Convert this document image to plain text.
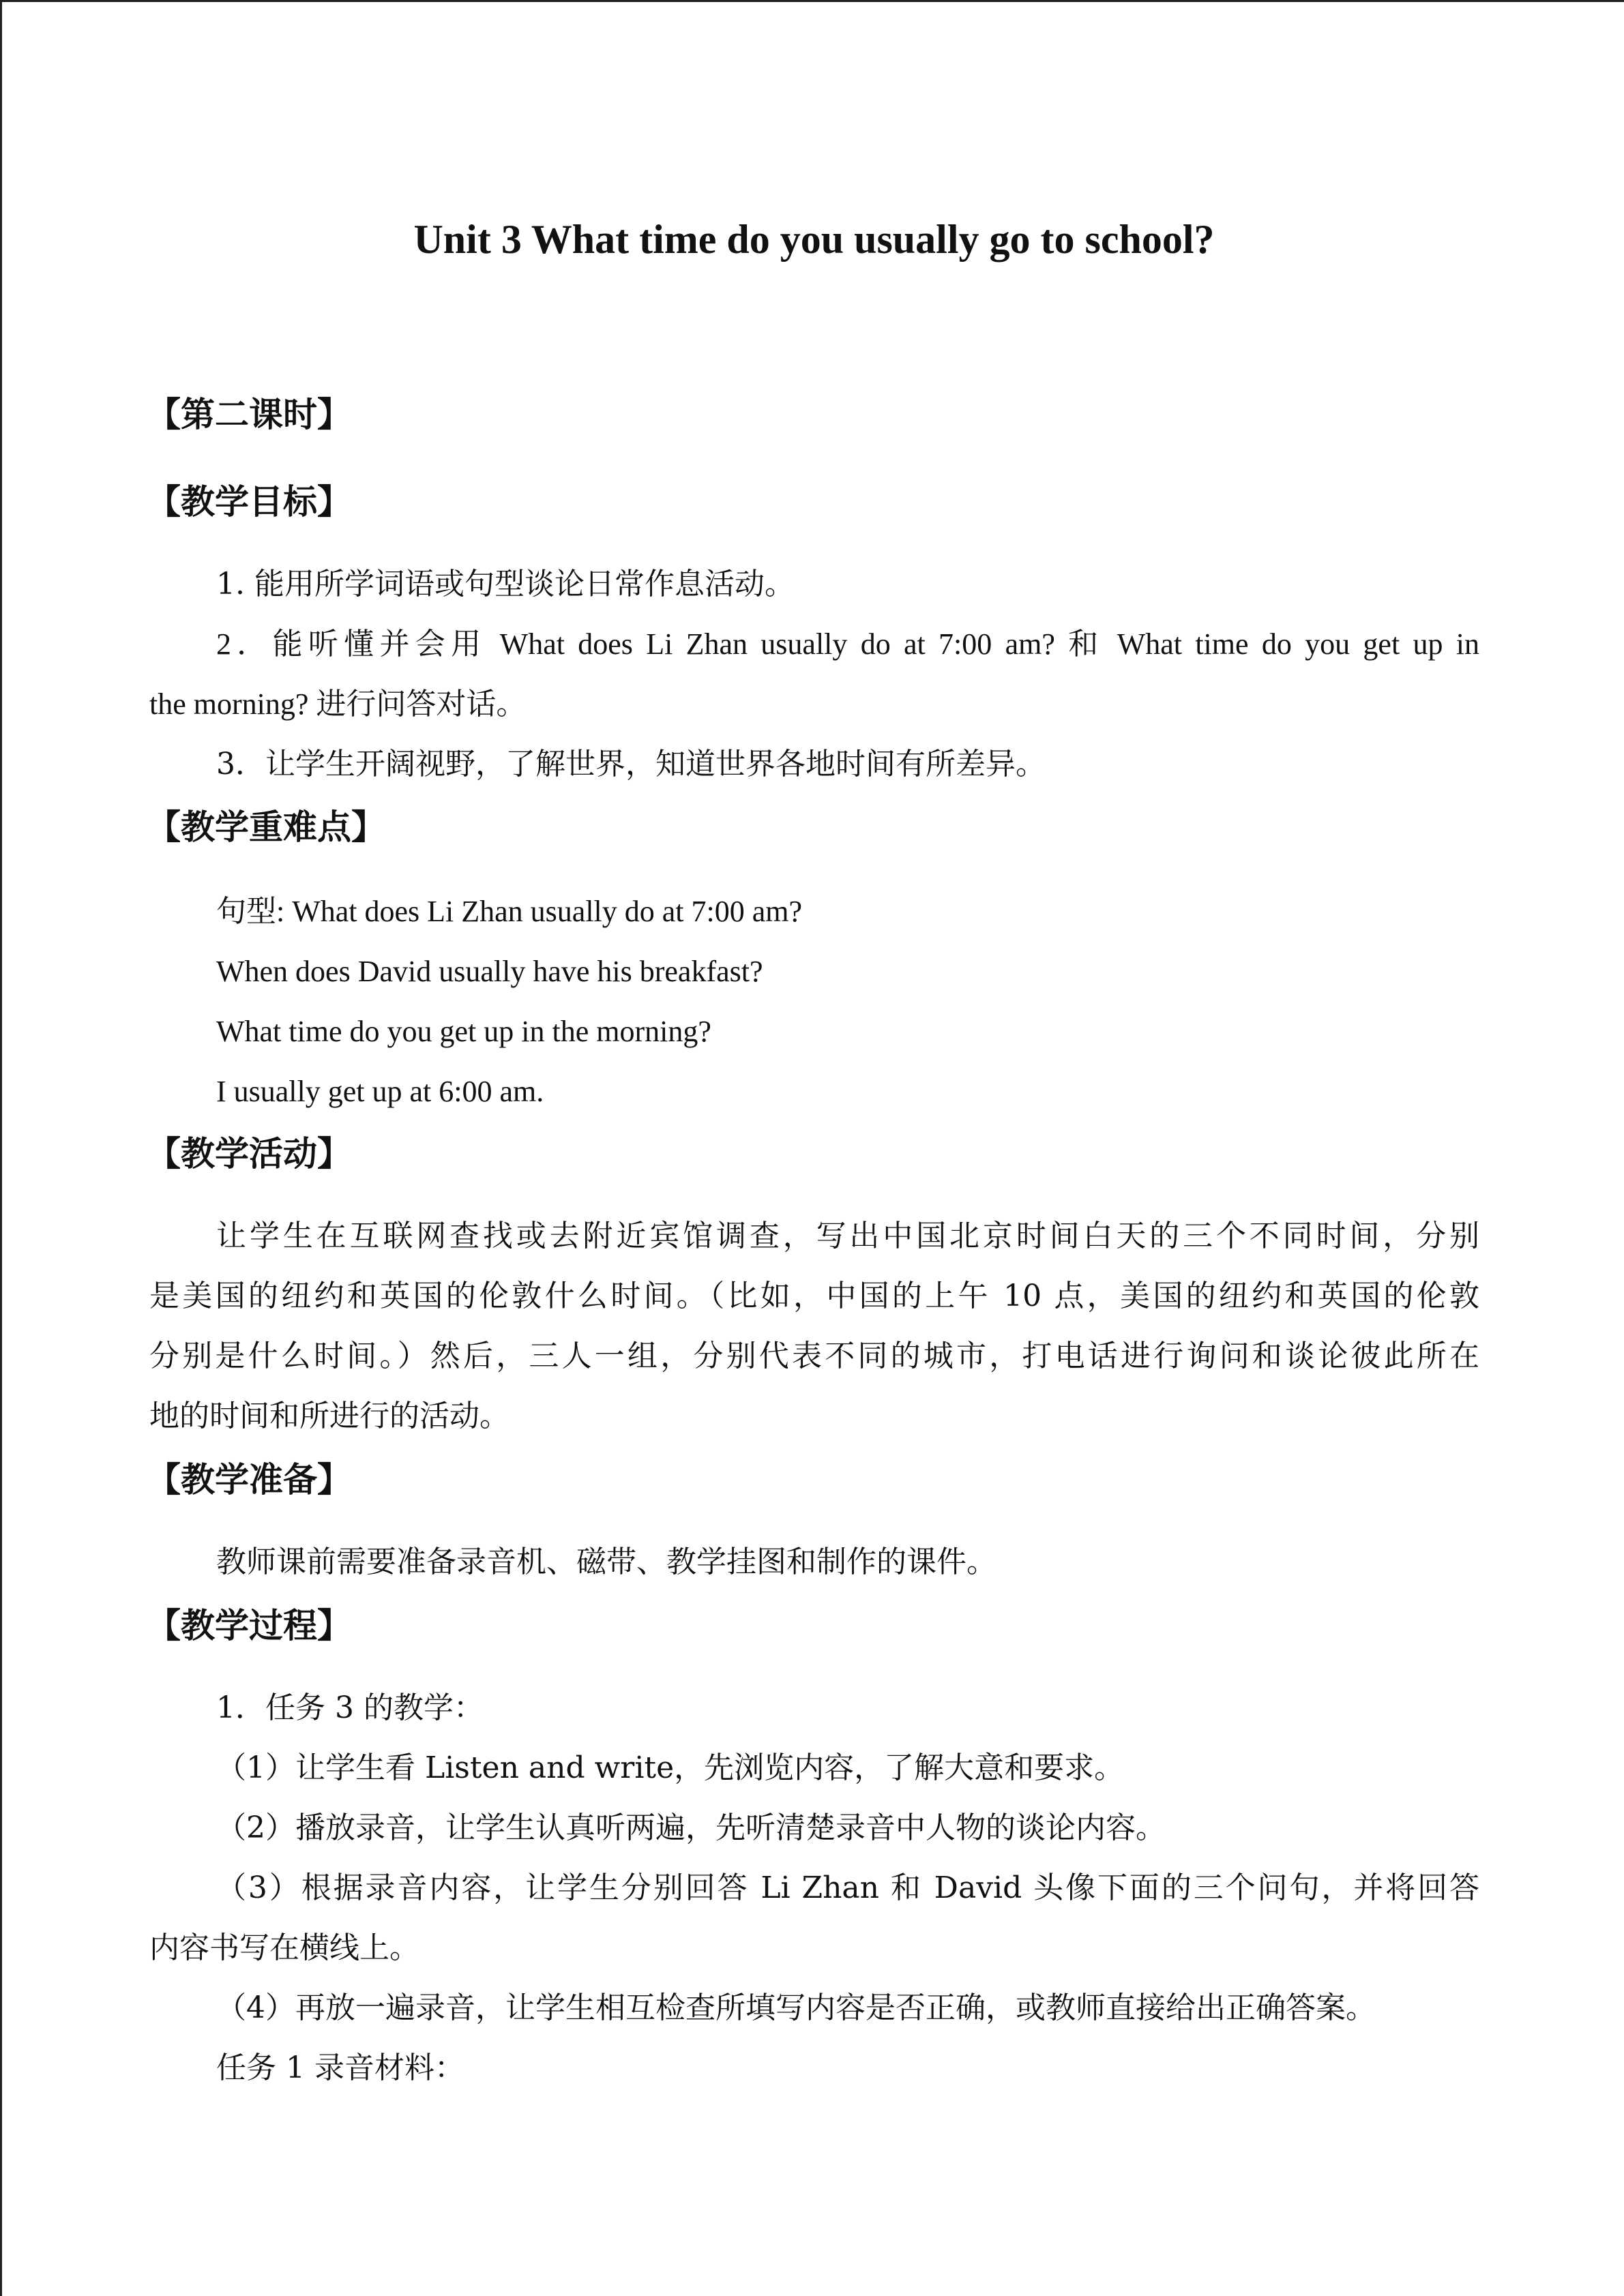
Unit 3 What time do you usually go to school?
【第二课时】
【教学目标】
1. 能用所学词语或句型谈论日常作息活动。
2．能听懂并会用 What does Li Zhan usually do at 7:00 am? 和 What time do you get up in
the morning? 进行问答对话。
3．让学生开阔视野，了解世界，知道世界各地时间有所差异。
【教学重难点】
句型: What does Li Zhan usually do at 7:00 am?
When does David usually have his breakfast?
What time do you get up in the morning?
I usually get up at 6:00 am.
【教学活动】
让学生在互联网查找或去附近宾馆调查，写出中国北京时间白天的三个不同时间，分别
是美国的纽约和英国的伦敦什么时间。（比如，中国的上午 10 点，美国的纽约和英国的伦敦
分别是什么时间。）然后，三人一组，分别代表不同的城市，打电话进行询问和谈论彼此所在
地的时间和所进行的活动。
【教学准备】
教师课前需要准备录音机、磁带、教学挂图和制作的课件。
【教学过程】
1．任务 3 的教学：
（1）让学生看 Listen and write，先浏览内容，了解大意和要求。
（2）播放录音，让学生认真听两遍，先听清楚录音中人物的谈论内容。
（3）根据录音内容，让学生分别回答 Li Zhan 和 David 头像下面的三个问句，并将回答
内容书写在横线上。
（4）再放一遍录音，让学生相互检查所填写内容是否正确，或教师直接给出正确答案。
任务 1 录音材料：
